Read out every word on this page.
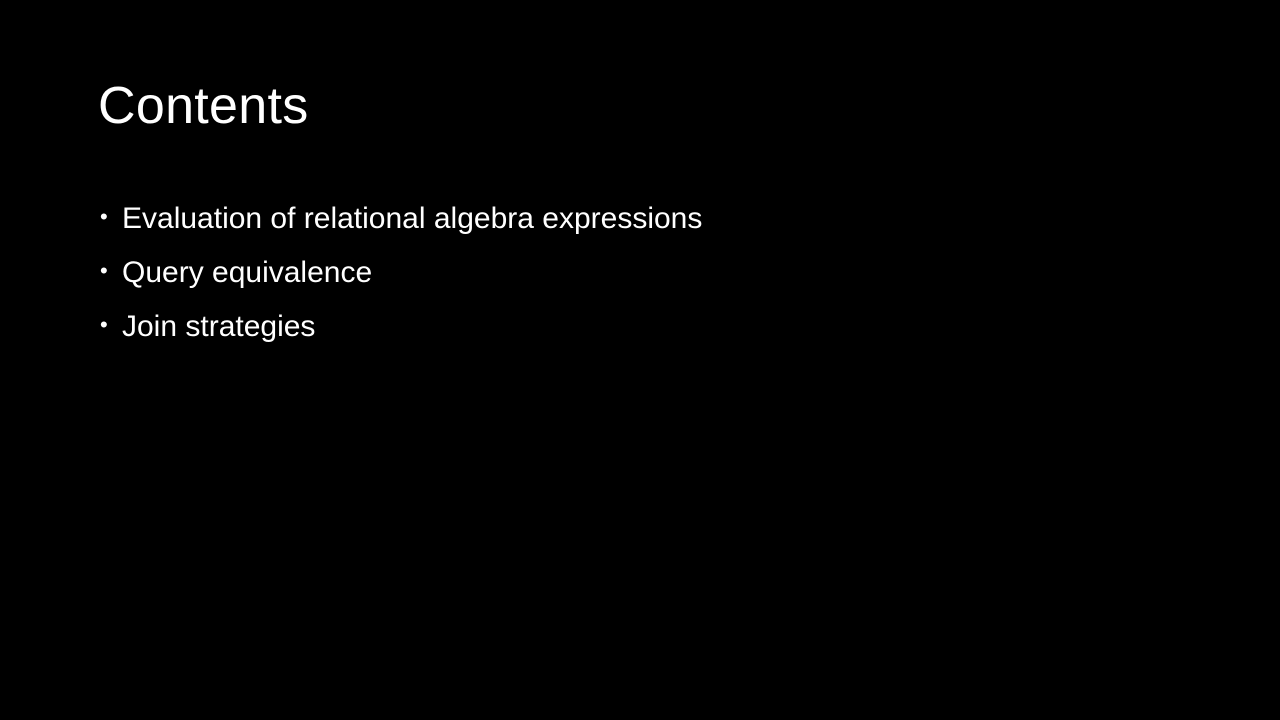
Contents
• Evaluation of relational algebra expressions
• Query equivalence
• Join strategies
